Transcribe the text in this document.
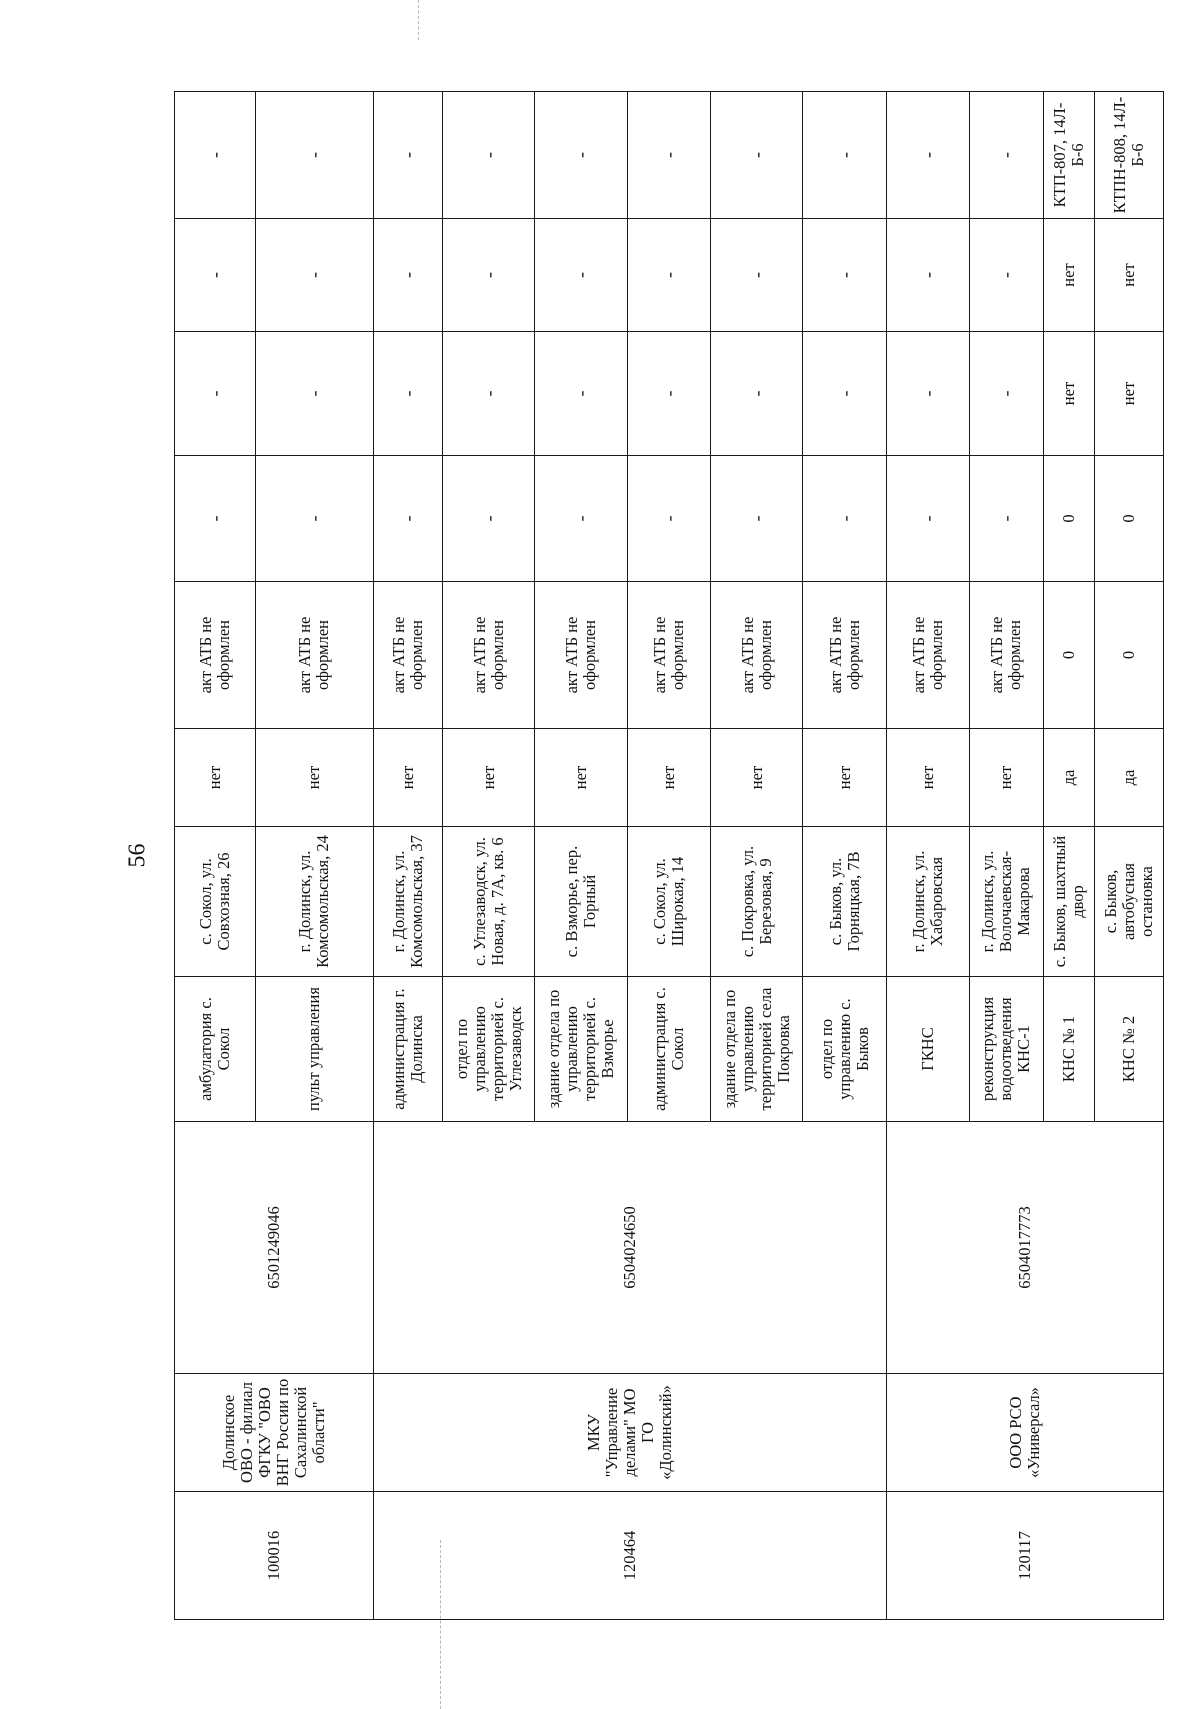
56
100016	Долинское ОВО - филиал ФГКУ "ОВО ВНГ России по Сахалинской области"	6501249046	амбулатория с. Сокол	с. Сокол, ул. Совхозная, 26	нет	акт АТБ не оформлен	-	-	-	-
			пульт управления	г. Долинск, ул. Комсомольская, 24	нет	акт АТБ не оформлен	-	-	-	-
120464	МКУ "Управление делами" МО ГО «Долинский»	6504024650	администрация г. Долинска	г. Долинск, ул. Комсомольская, 37	нет	акт АТБ не оформлен	-	-	-	-
			отдел по управлению территорией с. Углезаводск	с. Углезаводск, ул. Новая, д. 7А, кв. 6	нет	акт АТБ не оформлен	-	-	-	-
			здание отдела по управлению территорией с. Взморье	с. Взморье, пер. Горный	нет	акт АТБ не оформлен	-	-	-	-
			администрация с. Сокол	с. Сокол, ул. Широкая, 14	нет	акт АТБ не оформлен	-	-	-	-
			здание отдела по управлению территорией села Покровка	с. Покровка, ул. Березовая, 9	нет	акт АТБ не оформлен	-	-	-	-
			отдел по управлению с. Быков	с. Быков, ул. Горняцкая, 7В	нет	акт АТБ не оформлен	-	-	-	-
120117	ООО РСО «Универсал»	6504017773	ГКНС	г. Долинск, ул. Хабаровская	нет	акт АТБ не оформлен	-	-	-	-
			реконструкция водоотведения КНС-1	г. Долинск, ул. Волочаевская-Макарова	нет	акт АТБ не оформлен	-	-	-	-
			КНС № 1	с. Быков, шахтный двор	да	0	0	нет	нет	КТП-807, 14Л-Б-6
			КНС № 2	с. Быков, автобусная остановка	да	0	0	нет	нет	КТПН-808, 14Л-Б-6
